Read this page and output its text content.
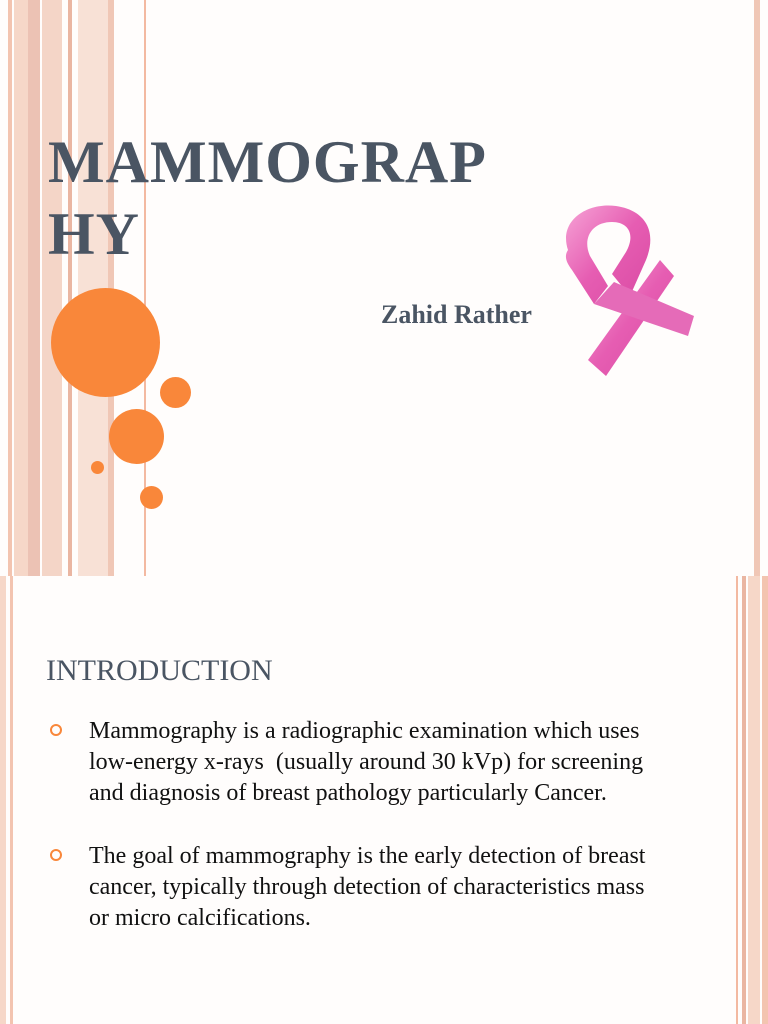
MAMMOGRAPHY

Zahid Rather

INTRODUCTION
Mammography is a radiographic examination which uses low-energy x-rays  (usually around 30 kVp) for screening and diagnosis of breast pathology particularly Cancer.
The goal of mammography is the early detection of breast cancer, typically through detection of characteristics mass or micro calcifications.
